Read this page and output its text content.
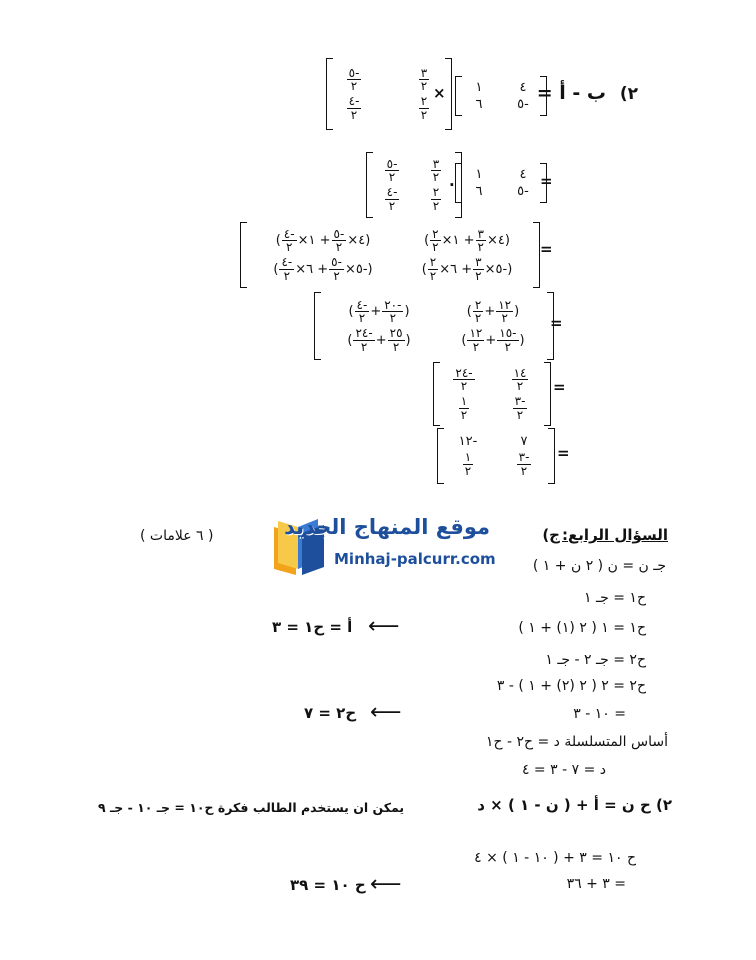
٢)
ب - أ =
٤
١
-٥
٦
×
$\frac{٣}{٢}$
$\frac{-٥}{٢}$
$\frac{٢}{٢}$
$\frac{-٤}{٢}$
=
٤
١
-٥
٦
.
$\frac{٣}{٢}$
$\frac{-٥}{٢}$
$\frac{٢}{٢}$
$\frac{-٤}{٢}$
=
(٤×
$\frac{٣}{٢}$
+ ١×
$\frac{٢}{٢}$
)
(٤×
$\frac{-٥}{٢}$
+ ١×
$\frac{-٤}{٢}$
)
(-٥×
$\frac{٣}{٢}$
+ ٦×
$\frac{٢}{٢}$
)
(-٥×
$\frac{-٥}{٢}$
+ ٦×
$\frac{-٤}{٢}$
)
=
(
$\frac{١٢}{٢}$
+
$\frac{٢}{٢}$
)
(
$\frac{-٢٠}{٢}$
+
$\frac{-٤}{٢}$
)
(
$\frac{-١٥}{٢}$
+
$\frac{١٢}{٢}$
)
(
$\frac{٢٥}{٢}$
+
$\frac{-٢٤}{٢}$
)
=
$\frac{١٤}{٢}$
$\frac{-٢٤}{٢}$
$\frac{-٣}{٢}$
$\frac{١}{٢}$
=
٧
-١٢
$\frac{-٣}{٢}$
$\frac{١}{٢}$
موقع المنهاج الجديد
Minhaj-palcurr.com
السؤال الرابع:
ج)
( ٦ علامات )
جـ ن = ن ( ٢ ن + ١ )
ح١ = جـ ١
ح١ = ١ ( ٢ (١) + ١ )
ح٢ = جـ ٢ - جـ ١
ح٢ = ٢ ( ٢ (٢) + ١ ) - ٣
= ١٠ - ٣
أساس المتسلسلة د = ح٢ - ح١
د = ٧ - ٣ = ٤
٢) ح ن = أ + ( ن - ١ ) × د
ح ١٠ = ٣ + ( ١٠ - ١ ) × ٤
= ٣ + ٣٦
⟵
أ = ح١ = ٣
⟵
ح٢ = ٧
⟵
ح ١٠ = ٣٩
يمكن ان يستخدم الطالب فكرة ح١٠ = جـ ١٠ - جـ ٩
